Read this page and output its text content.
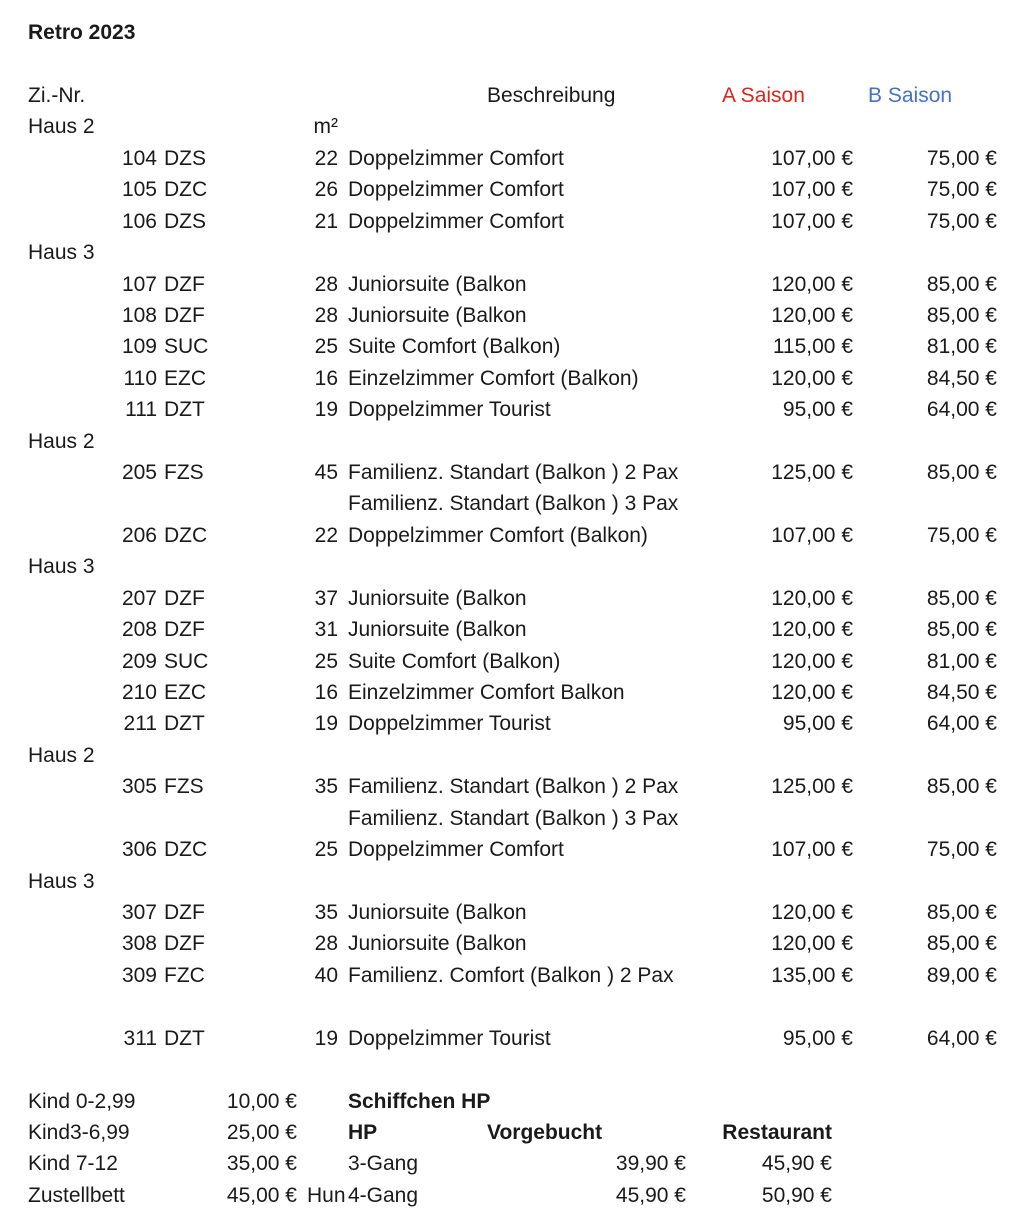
Retro 2023
Zi.-Nr.	Beschreibung	A Saison	B Saison
Haus 2	m²
104 DZS	22 Doppelzimmer Comfort	107,00 €	75,00 €
105 DZC	26 Doppelzimmer Comfort	107,00 €	75,00 €
106 DZS	21 Doppelzimmer Comfort	107,00 €	75,00 €
Haus 3
107 DZF	28 Juniorsuite (Balkon	120,00 €	85,00 €
108 DZF	28 Juniorsuite (Balkon	120,00 €	85,00 €
109 SUC	25 Suite Comfort (Balkon)	115,00 €	81,00 €
110 EZC	16 Einzelzimmer Comfort (Balkon)	120,00 €	84,50 €
111 DZT	19 Doppelzimmer Tourist	95,00 €	64,00 €
Haus 2
205 FZS	45 Familienz. Standart (Balkon ) 2 Pax	125,00 €	85,00 €
Familienz. Standart (Balkon ) 3 Pax
206 DZC	22 Doppelzimmer Comfort (Balkon)	107,00 €	75,00 €
Haus 3
207 DZF	37 Juniorsuite (Balkon	120,00 €	85,00 €
208 DZF	31 Juniorsuite (Balkon	120,00 €	85,00 €
209 SUC	25 Suite Comfort (Balkon)	120,00 €	81,00 €
210 EZC	16 Einzelzimmer Comfort Balkon	120,00 €	84,50 €
211 DZT	19 Doppelzimmer Tourist	95,00 €	64,00 €
Haus 2
305 FZS	35 Familienz. Standart (Balkon ) 2 Pax	125,00 €	85,00 €
Familienz. Standart (Balkon ) 3 Pax
306 DZC	25 Doppelzimmer Comfort	107,00 €	75,00 €
Haus 3
307 DZF	35 Juniorsuite (Balkon	120,00 €	85,00 €
308 DZF	28 Juniorsuite (Balkon	120,00 €	85,00 €
309 FZC	40 Familienz. Comfort (Balkon ) 2 Pax	135,00 €	89,00 €
311 DZT	19 Doppelzimmer Tourist	95,00 €	64,00 €
Kind 0-2,99	10,00 € Schiffchen HP
Kind3-6,99	25,00 € HP	Vorgebucht	Restaurant
Kind 7-12	35,00 € 3-Gang	39,90 €	45,90 €
Zustellbett	45,00 € Hun 4-Gang	45,90 €	50,90 €
